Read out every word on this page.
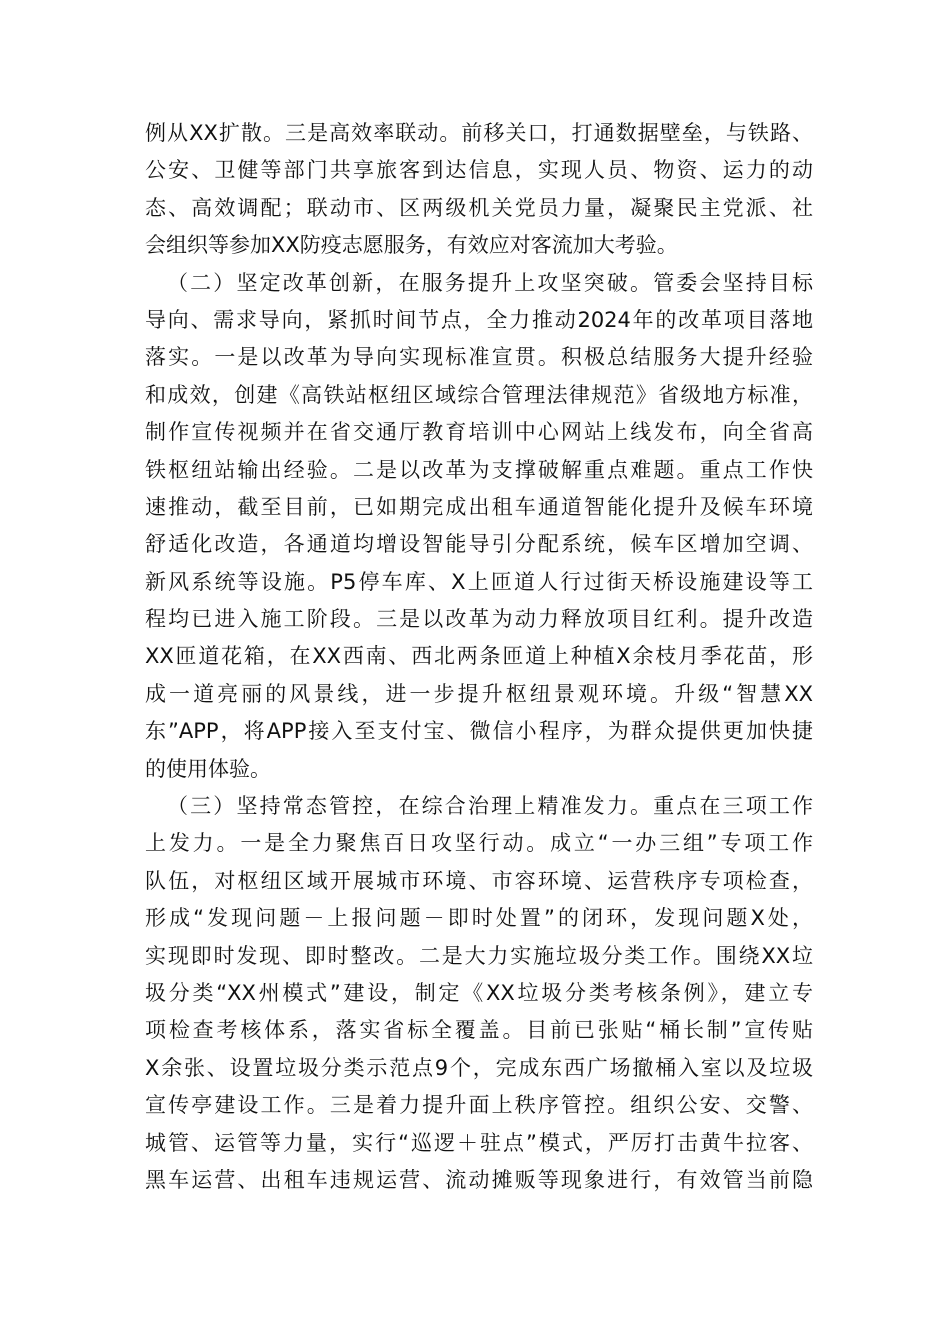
例从XX扩散。三是高效率联动。前移关口，打通数据壁垒，与铁路、
公安、卫健等部门共享旅客到达信息，实现人员、物资、运力的动
态、高效调配；联动市、区两级机关党员力量，凝聚民主党派、社
会组织等参加XX防疫志愿服务，有效应对客流加大考验。
（二）坚定改革创新，在服务提升上攻坚突破。管委会坚持目标
导向、需求导向，紧抓时间节点，全力推动2024年的改革项目落地
落实。一是以改革为导向实现标准宣贯。积极总结服务大提升经验
和成效，创建《高铁站枢纽区域综合管理法律规范》省级地方标准，
制作宣传视频并在省交通厅教育培训中心网站上线发布，向全省高
铁枢纽站输出经验。二是以改革为支撑破解重点难题。重点工作快
速推动，截至目前，已如期完成出租车通道智能化提升及候车环境
舒适化改造，各通道均增设智能导引分配系统，候车区增加空调、
新风系统等设施。P5停车库、X上匝道人行过街天桥设施建设等工
程均已进入施工阶段。三是以改革为动力释放项目红利。提升改造
XX匝道花箱，在XX西南、西北两条匝道上种植X余枝月季花苗，形
成一道亮丽的风景线，进一步提升枢纽景观环境。升级“智慧XX
东”APP，将APP接入至支付宝、微信小程序，为群众提供更加快捷
的使用体验。
（三）坚持常态管控，在综合治理上精准发力。重点在三项工作
上发力。一是全力聚焦百日攻坚行动。成立“一办三组”专项工作
队伍，对枢纽区域开展城市环境、市容环境、运营秩序专项检查，
形成“发现问题－上报问题－即时处置”的闭环，发现问题X处，
实现即时发现、即时整改。二是大力实施垃圾分类工作。围绕XX垃
圾分类“XX州模式”建设，制定《XX垃圾分类考核条例》，建立专
项检查考核体系，落实省标全覆盖。目前已张贴“桶长制”宣传贴
X余张、设置垃圾分类示范点9个，完成东西广场撤桶入室以及垃圾
宣传亭建设工作。三是着力提升面上秩序管控。组织公安、交警、
城管、运管等力量，实行“巡逻＋驻点”模式，严厉打击黄牛拉客、
黑车运营、出租车违规运营、流动摊贩等现象进行，有效管当前隐
